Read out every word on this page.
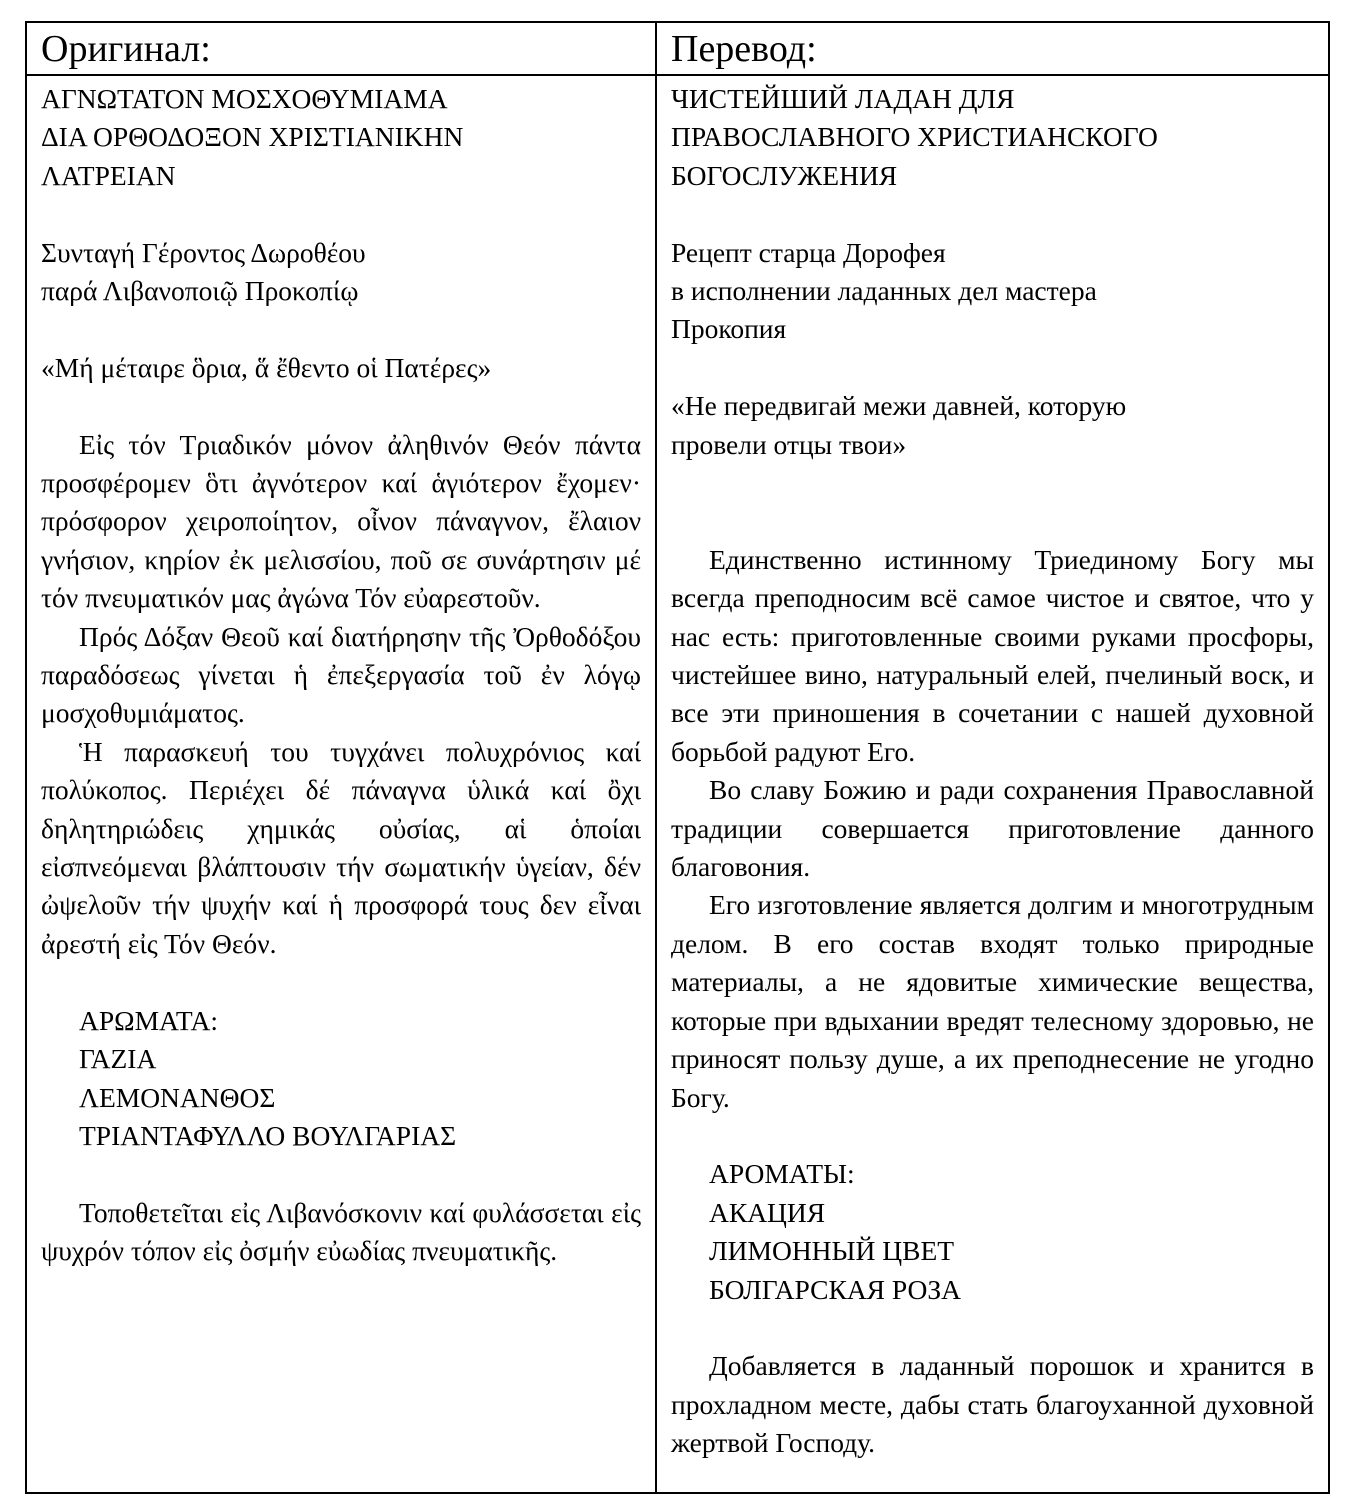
Оригинал:	Перевод:

ΑΓΝΩΤΑΤΟΝ ΜΟΣΧΟΘΥΜΙΑΜΑ
ΔΙΑ ΟΡΘΟΔΟΞΟΝ ΧΡΙΣΤΙΑΝΙΚΗΝ
ΛΑΤΡΕΙΑΝ

Συνταγή Γέροντος Δωροθέου
παρά Λιβανοποιῷ Προκοπίῳ

«Μή μέταιρε ὃρια, ἅ ἔθεντο οἱ Πατέρες»

Εἰς τόν Τριαδικόν μόνον ἀληθινόν Θεόν πάντα προσφέρομεν ὃτι ἀγνότερον καί ἁγιότερον ἔχομεν· πρόσφορον χειροποίητον, οἶνον πάναγνον, ἔλαιον γνήσιον, κηρίον ἐκ μελισσίου, ποῦ σε συνάρτησιν μέ τόν πνευματικόν μας ἀγώνα Τόν εὐαρεστοῦν.

Πρός Δόξαν Θεοῦ καί διατήρησην τῆς Ὀρθοδόξου παραδόσεως γίνεται ἡ ἐπεξεργασία τοῦ ἐν λόγῳ μοσχοθυμιάματος.

Ἡ παρασκευή του τυγχάνει πολυχρόνιος καί πολύκοπος. Περιέχει δέ πάναγνα ὑλικά καί ὂχι δηλητηριώδεις χημικάς οὐσίας, αἱ ὁποίαι εἰσπνεόμεναι βλάπτουσιν τήν σωματικήν ὑγείαν, δέν ὠψελοῦν τήν ψυχήν καί ἡ προσφορά τους δεν εἶναι ἀρεστή εἰς Τόν Θεόν.

ΑΡΩΜΑΤΑ:
ΓΑΖΙΑ
ΛΕΜΟΝΑΝΘΟΣ
ΤΡΙΑΝΤΑΦΥΛΛΟ ΒΟΥΛΓΑΡΙΑΣ

Τοποθετεῖται εἰς Λιβανόσκονιν καί φυλάσσεται εἰς ψυχρόν τόπον εἰς ὀσμήν εὐωδίας πνευματικῆς.

ЧИСТЕЙШИЙ ЛАДАН ДЛЯ
ПРАВОСЛАВНОГО ХРИСТИАНСКОГО
БОГОСЛУЖЕНИЯ

Рецепт старца Дорофея
в исполнении ладанных дел мастера
Прокопия

«Не передвигай межи давней, которую
провели отцы твои»

Единственно истинному Триединому Богу мы всегда преподносим всё самое чистое и святое, что у нас есть: приготовленные своими руками просфоры, чистейшее вино, натуральный елей, пчелиный воск, и все эти приношения в сочетании с нашей духовной борьбой радуют Его.

Во славу Божию и ради сохранения Православной традиции совершается приготовление данного благовония.

Его изготовление является долгим и многотрудным делом. В его состав входят только природные материалы, а не ядовитые химические вещества, которые при вдыхании вредят телесному здоровью, не приносят пользу душе, а их преподнесение не угодно Богу.

АРОМАТЫ:
АКАЦИЯ
ЛИМОННЫЙ ЦВЕТ
БОЛГАРСКАЯ РОЗА

Добавляется в ладанный порошок и хранится в прохладном месте, дабы стать благоуханной духовной жертвой Господу.
